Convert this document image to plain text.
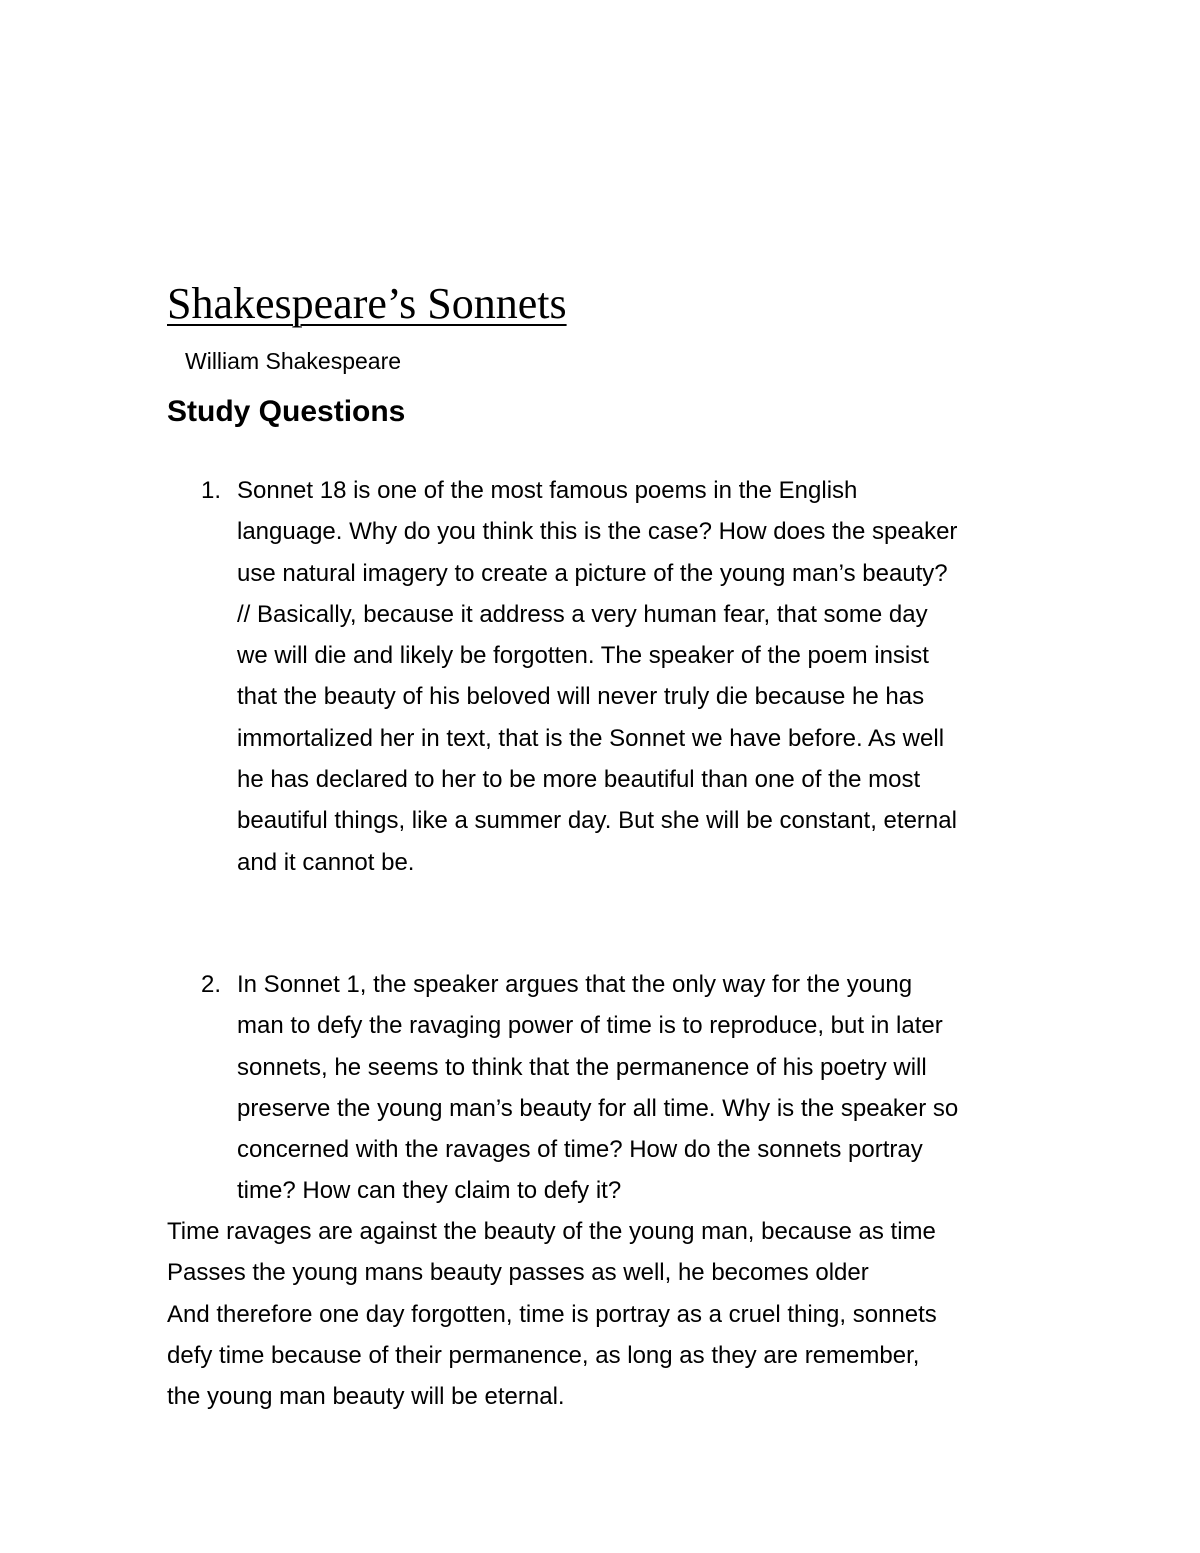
Shakespeare’s Sonnets
William Shakespeare
Study Questions
1. Sonnet 18 is one of the most famous poems in the English
language. Why do you think this is the case? How does the speaker
use natural imagery to create a picture of the young man’s beauty?
// Basically, because it address a very human fear, that some day
we will die and likely be forgotten. The speaker of the poem insist
that the beauty of his beloved will never truly die because he has
immortalized her in text, that is the Sonnet we have before. As well
he has declared to her to be more beautiful than one of the most
beautiful things, like a summer day. But she will be constant, eternal
and it cannot be.
2. In Sonnet 1, the speaker argues that the only way for the young
man to defy the ravaging power of time is to reproduce, but in later
sonnets, he seems to think that the permanence of his poetry will
preserve the young man’s beauty for all time. Why is the speaker so
concerned with the ravages of time? How do the sonnets portray
time? How can they claim to defy it?
Time ravages are against the beauty of the young man, because as time
Passes the young mans beauty passes as well, he becomes older
And therefore one day forgotten, time is portray as a cruel thing, sonnets
defy time because of their permanence, as long as they are remember,
the young man beauty will be eternal.
